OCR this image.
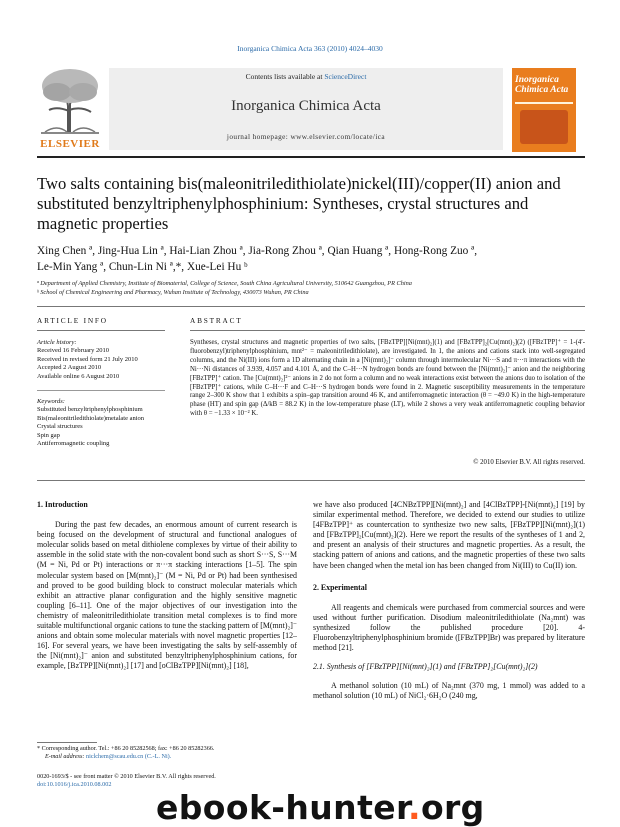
Inorganica Chimica Acta 363 (2010) 4024–4030
ELSEVIER
Contents lists available at ScienceDirect
Inorganica Chimica Acta
journal homepage: www.elsevier.com/locate/ica
Inorganica Chimica Acta
Two salts containing bis(maleonitriledithiolate)nickel(III)/copper(II) anion and substituted benzyltriphenylphosphinium: Syntheses, crystal structures and magnetic properties
Xing Chen ª, Jing-Hua Lin ª, Hai-Lian Zhou ª, Jia-Rong Zhou ª, Qian Huang ª, Hong-Rong Zuo ª,
Le-Min Yang ª, Chun-Lin Ni ª,*, Xue-Lei Hu ᵇ
ª Department of Applied Chemistry, Institute of Biomaterial, College of Science, South China Agricultural University, 510642 Guangzhou, PR China
ᵇ School of Chemical Engineering and Pharmacy, Wuhan Institute of Technology, 430073 Wuhan, PR China
ARTICLE INFO	ABSTRACT
Article history:
Received 16 February 2010
Received in revised form 21 July 2010
Accepted 2 August 2010
Available online 6 August 2010
Keywords:
Substituted benzyltriphenylphosphinium
Bis(maleonitriledithiolate)metalate anion
Crystal structures
Spin gap
Antiferromagnetic coupling
Syntheses, crystal structures and magnetic properties of two salts, [FBzTPP][Ni(mnt)₂](1) and [FBzTPP]₂[Cu(mnt)₂](2) ([FBzTPP]⁺ = 1-(4′-fluorobenzyl)triphenylphosphinium, mnt²⁻ = maleonitriledithiolate), are investigated. In 1, the anions and cations stack into well-segregated columns, and the Ni(III) ions form a 1D alternating chain in a [Ni(mnt)₂]⁻ column through intermolecular Ni···S and π···π interactions with the Ni···Ni distances of 3.939, 4.057 and 4.101 Å, and the C–H···N hydrogen bonds are found between the [Ni(mnt)₂]⁻ anion and the neighboring [FBzTPP]⁺ cation. The [Cu(mnt)₂]²⁻ anions in 2 do not form a column and no weak interactions exist between the anions duo to isolation of the [FBzTPP]⁺ cations, while C–H···F and C–H···S hydrogen bonds were found in 2. Magnetic susceptibility measurements in the temperature range 2–300 K show that 1 exhibits a spin–gap transition around 46 K, and antiferromagnetic interaction (θ = −49.0 K) in the high-temperature phase (HT) and spin gap (Δ/kB = 88.2 K) in the low-temperature phase (LT), while 2 shows a very weak antiferromagnetic coupling behavior with θ = −1.33 × 10⁻² K.
© 2010 Elsevier B.V. All rights reserved.
1. Introduction

During the past few decades, an enormous amount of current research is being focused on the development of structural and functional analogues of molecular solids based on metal dithiolene complexes by virtue of their ability to assemble in the solid state with the non-covalent bond such as short S···S, S···M (M = Ni, Pd or Pt) interactions or π···π stacking interactions [1–5]. The spin molecular system based on [M(mnt)₂]⁻ (M = Ni, Pd or Pt) had been synthesised and proved to be good building block to construct molecular materials which exhibit an attractive planar configuration and the highly sensitive magnetic coupling [6–11]. One of the major objectives of our investigation into the chemistry of maleonitriledithiolate transition metal complexes is to find more suitable multifunctional organic cations to tune the stacking pattern of [M(mnt)₂]⁻ anions and obtain some molecular materials with novel magnetic properties [12–16]. For several years, we have been investigating the salts by self-assembly of the [Ni(mnt)₂]⁻ anion and substituted benzyltriphenylphosphinium cations, for example, [BzTPP][Ni(mnt)₂] [17] and [oClBzTPP][Ni(mnt)₂] [18],

we have also produced [4CNBzTPP][Ni(mnt)₂] and [4ClBzTPP]-[Ni(mnt)₂] [19] by similar experimental method. Therefore, we decided to extend our studies to utilize [4FBzTPP]⁺ as countercation to synthesize two new salts, [FBzTPP][Ni(mnt)₂](1) and [FBzTPP]₂[Cu(mnt)₂](2). Here we report the results of the syntheses of 1 and 2, and present an analysis of their structures and magnetic properties. As a result, the stacking pattern of anions and cations, and the magnetic properties of these two salts have been changed when the metal ion has been changed from Ni(III) to Cu(II) ion.

2. Experimental

All reagents and chemicals were purchased from commercial sources and were used without further purification. Disodium maleonitriledithiolate (Na₂mnt) was synthesized follow the published procedure [20]. 4-Fluorobenzyltriphenylphosphinium bromide ([FBzTPP]Br) was prepared by literature method [21].

2.1. Synthesis of [FBzTPP][Ni(mnt)₂](1) and [FBzTPP]₂[Cu(mnt)₂](2)

A methanol solution (10 mL) of Na₂mnt (370 mg, 1 mmol) was added to a methanol solution (10 mL) of NiCl₂·6H₂O (240 mg,

* Corresponding author. Tel.: +86 20 85282568; fax: +86 20 85282366.
E-mail address: niclchem@scau.edu.cn (C.-L. Ni).
0020-1693/$ - see front matter © 2010 Elsevier B.V. All rights reserved.
doi:10.1016/j.ica.2010.08.002
ebook-hunter.org
